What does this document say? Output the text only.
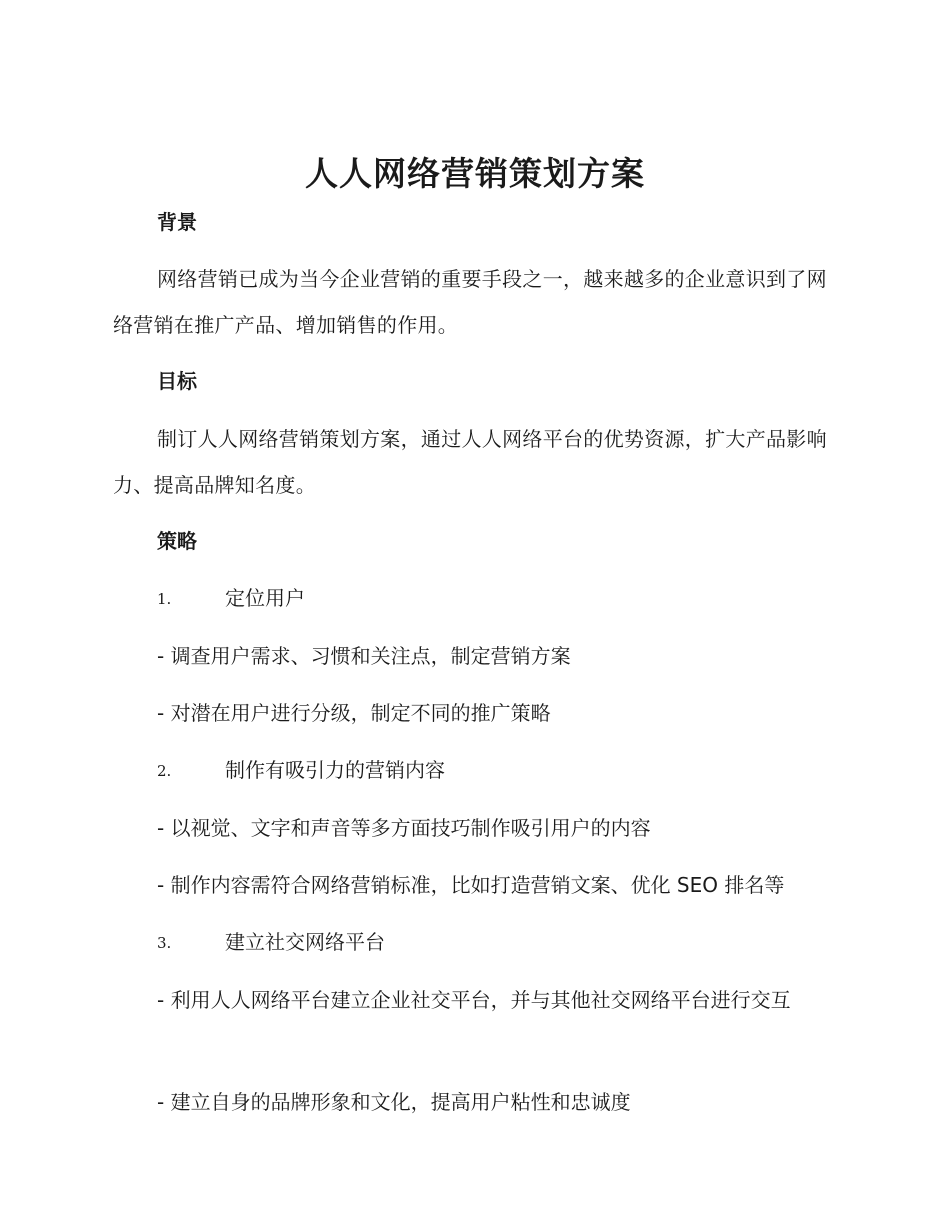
人人网络营销策划方案
背景
网络营销已成为当今企业营销的重要手段之一，越来越多的企业意识到了网络营销在推广产品、增加销售的作用。
目标
制订人人网络营销策划方案，通过人人网络平台的优势资源，扩大产品影响力、提高品牌知名度。
策略
1.	定位用户
- 调查用户需求、习惯和关注点，制定营销方案
- 对潜在用户进行分级，制定不同的推广策略
2.	制作有吸引力的营销内容
- 以视觉、文字和声音等多方面技巧制作吸引用户的内容
- 制作内容需符合网络营销标准，比如打造营销文案、优化 SEO 排名等
3.	建立社交网络平台
- 利用人人网络平台建立企业社交平台，并与其他社交网络平台进行交互
- 建立自身的品牌形象和文化，提高用户粘性和忠诚度
